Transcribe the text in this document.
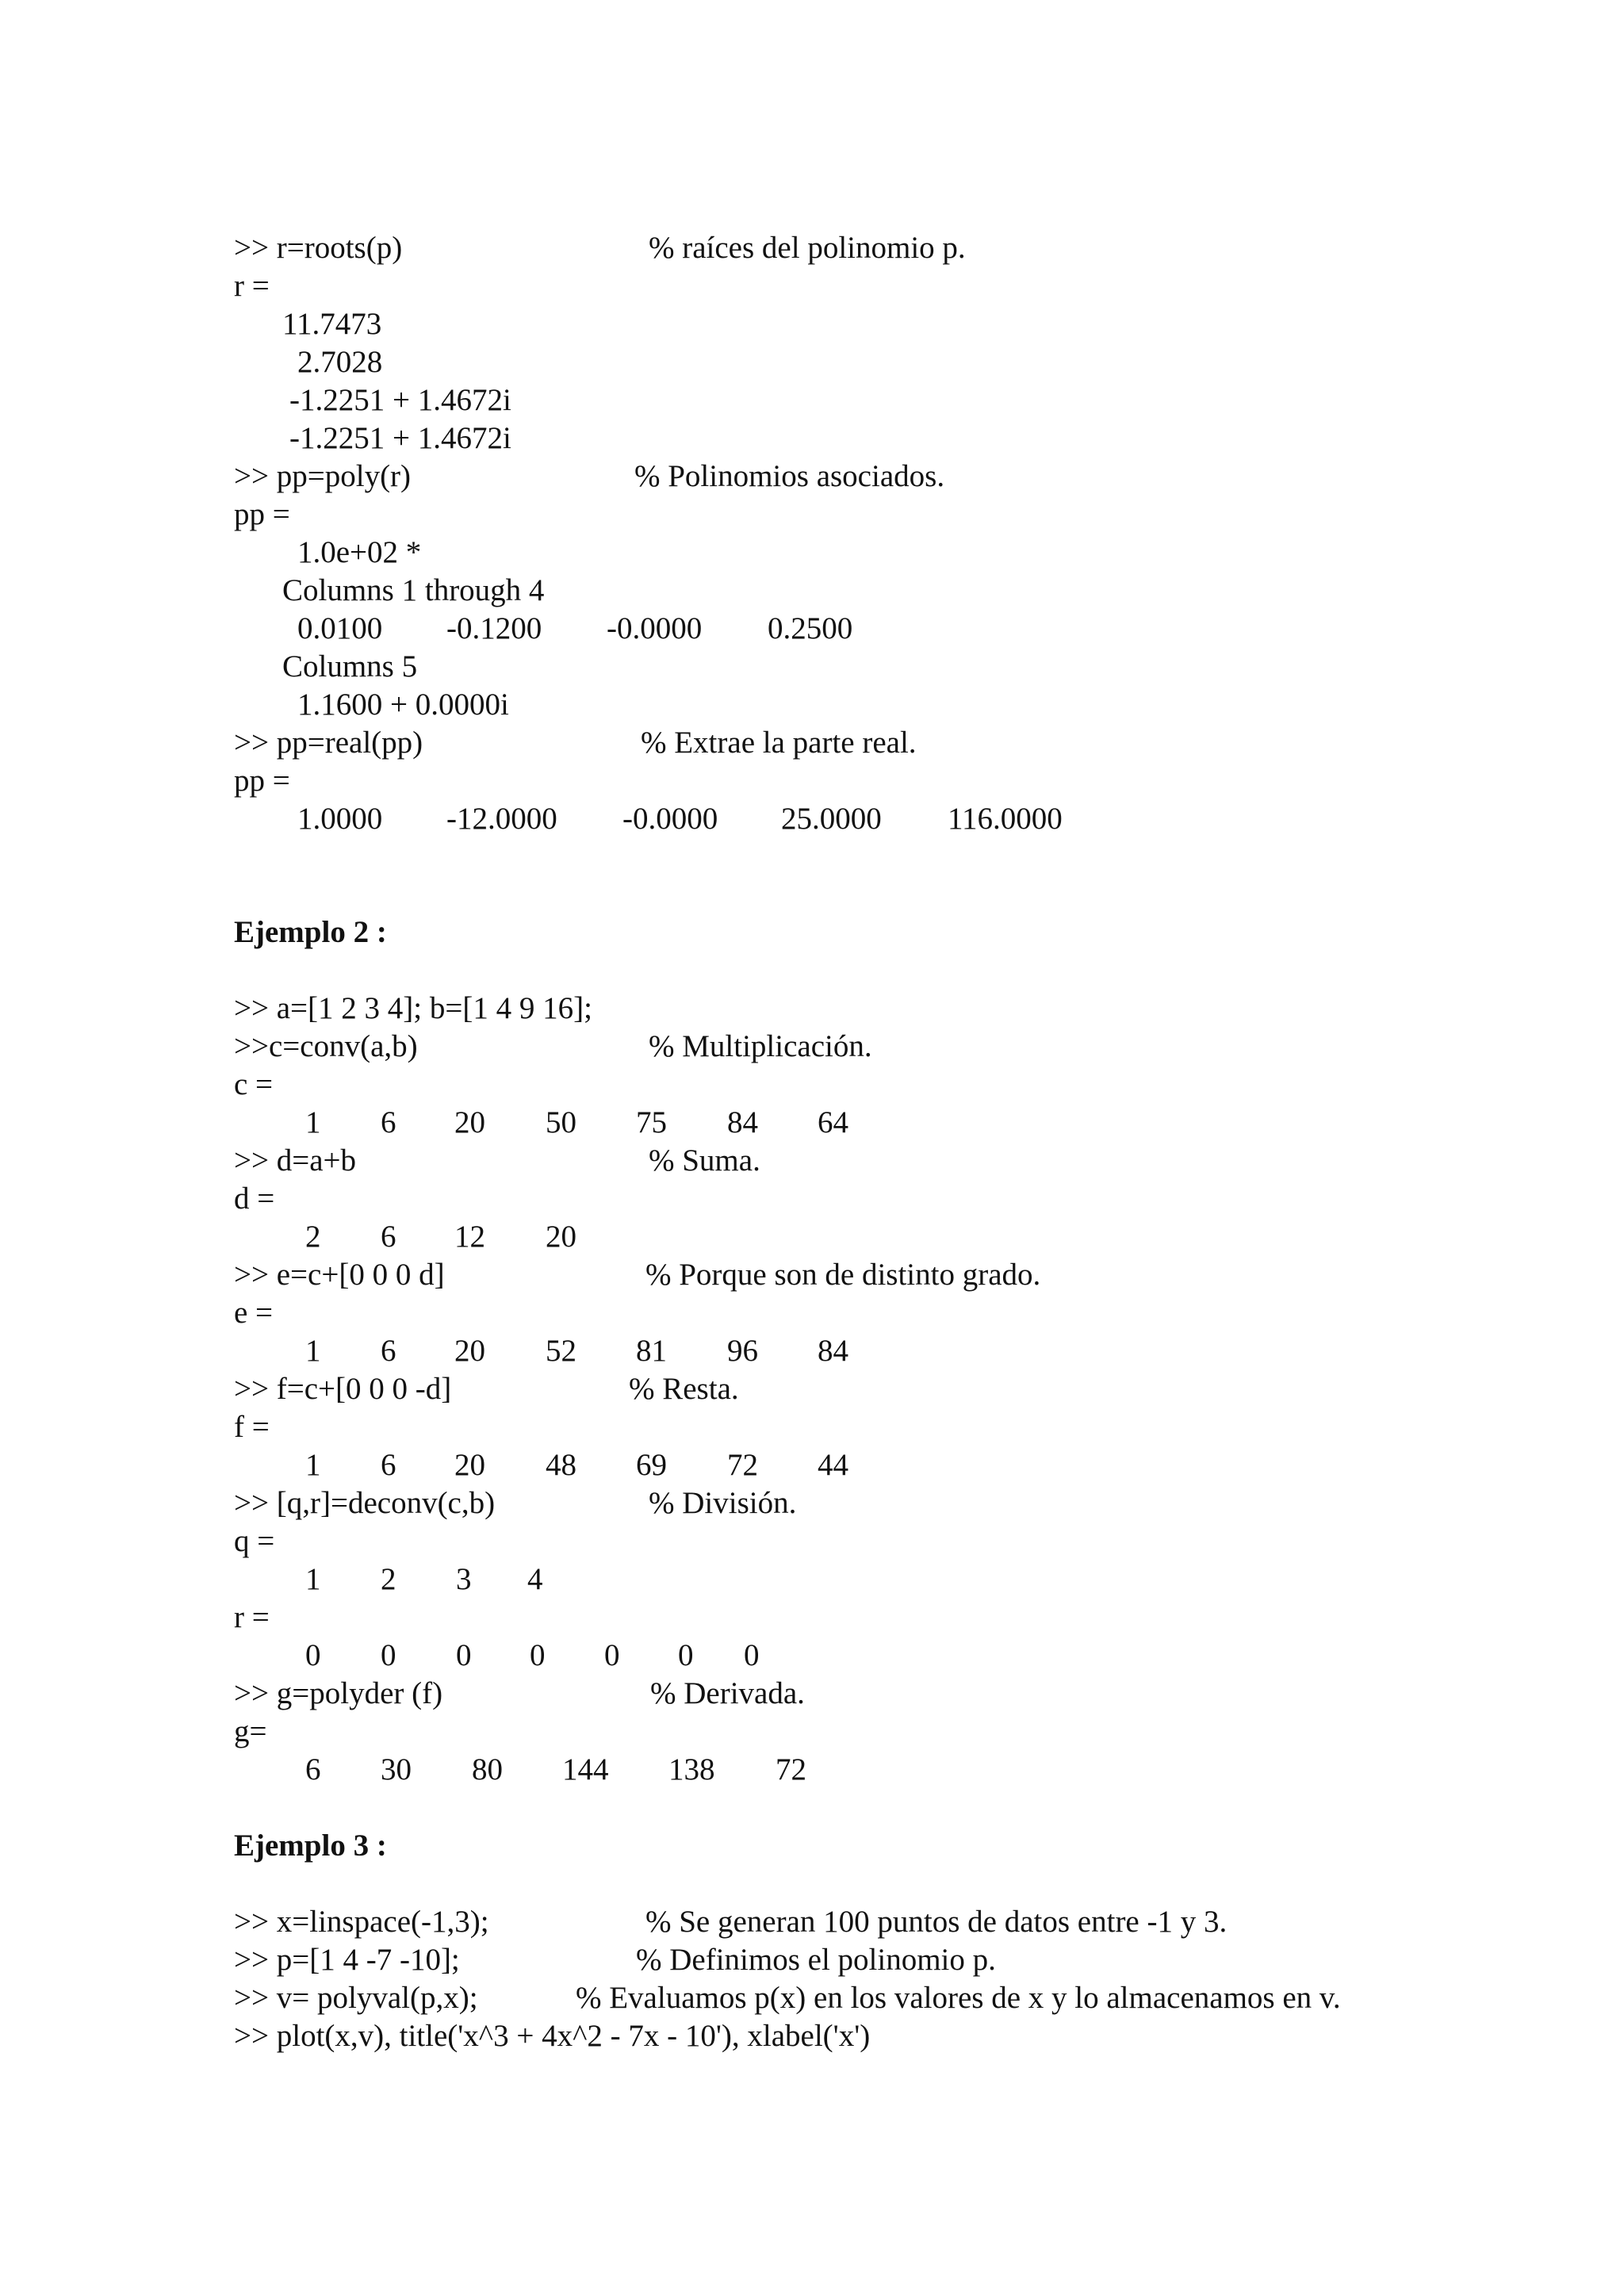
>> r=roots(p)	% raíces del polinomio p.
r =
11.7473
2.7028
-1.2251 + 1.4672i
-1.2251 + 1.4672i
>> pp=poly(r)	% Polinomios asociados.
pp =
1.0e+02 *
Columns 1 through 4
0.0100 -0.1200 -0.0000 0.2500
Columns 5
1.1600 + 0.0000i
>> pp=real(pp)	% Extrae la parte real.
pp =
1.0000 -12.0000 -0.0000 25.0000 116.0000
Ejemplo 2 :
>> a=[1 2 3 4]; b=[1 4 9 16];
>>c=conv(a,b)	% Multiplicación.
c =
1 6 20 50 75 84 64
>> d=a+b	% Suma.
d =
2 6 12 20
>> e=c+[0 0 0 d]	% Porque son de distinto grado.
e =
1 6 20 52 81 96 84
>> f=c+[0 0 0 -d]	% Resta.
f =
1 6 20 48 69 72 44
>> [q,r]=deconv(c,b)	% División.
q =
1 2 3 4
r =
0 0 0 0 0 0 0
>> g=polyder (f)	% Derivada.
g=
6 30 80 144 138 72
Ejemplo 3 :
>> x=linspace(-1,3);	% Se generan 100 puntos de datos entre -1 y 3.
>> p=[1 4 -7 -10];	% Definimos el polinomio p.
>> v= polyval(p,x);	% Evaluamos p(x) en los valores de x y lo almacenamos en v.
>> plot(x,v), title('x^3 + 4x^2 - 7x - 10'), xlabel('x')
